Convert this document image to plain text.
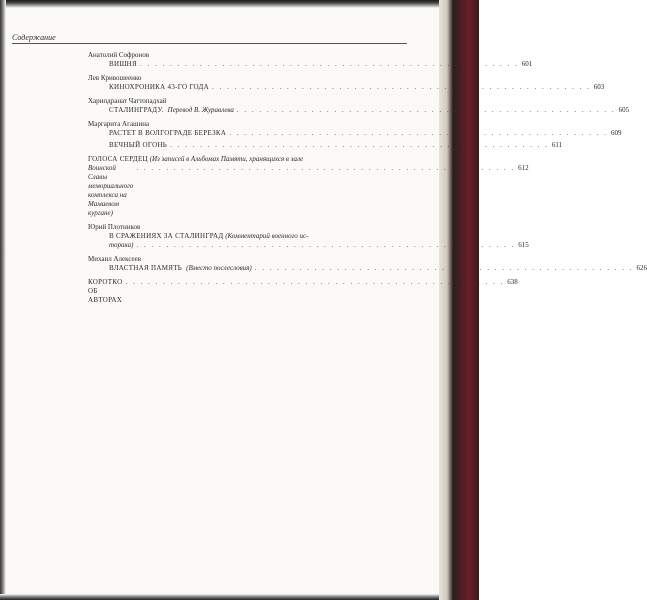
Содержание
Анатолий Софронов
ВИШНЯ . . . . . . . . . . . . . . . . . . . . . . . . . . . . . . . . . . . . . . . . . . . . . . . . . . . 601
Лев Кривошеенко
КИНОХРОНИКА 43-ГО ГОДА . . . . . . . . . . . . . . . . . . . . . . . . . . . . . . . . . . . . . . . . . . . . . . . . . . . 603
Харипдранат Чаттопадхай
СТАЛИНГРАДУ. Перевод В. Журавлева . . . . . . . . . . . . . . . . . . . . . . . . . . . . . . . . . . . . . . . . . . . . . . . . . . . 605
Маргарита Агашина
РАСТЕТ В ВОЛГОГРАДЕ БЕРЕЗКА . . . . . . . . . . . . . . . . . . . . . . . . . . . . . . . . . . . . . . . . . . . . . . . . . . . 609
ВЕЧНЫЙ ОГОНЬ . . . . . . . . . . . . . . . . . . . . . . . . . . . . . . . . . . . . . . . . . . . . . . . . . . . 611
ГОЛОСА СЕРДЕЦ (Из записей в Альбомах Памяти, хранящихся в зале
Воинской Славы мемориального комплекса на Мамаевом кургане)
. . . . . . . . . . . . . . . . . . . . . . . . . . . . . . . . . . . . . . . . . . . . . . . . . . . 612
Юрий Плотников
В СРАЖЕНИЯХ ЗА СТАЛИНГРАД (Комментарий военного ис-
торика) . . . . . . . . . . . . . . . . . . . . . . . . . . . . . . . . . . . . . . . . . . . . . . . . . . . 615
Михаил Алексеев
ВЛАСТНАЯ ПАМЯТЬ (Вместо послесловия) . . . . . . . . . . . . . . . . . . . . . . . . . . . . . . . . . . . . . . . . . . . . . . . . . . . 626
КОРОТКО ОБ АВТОРАХ
. . . . . . . . . . . . . . . . . . . . . . . . . . . . . . . . . . . . . . . . . . . . . . . . . . . 638
